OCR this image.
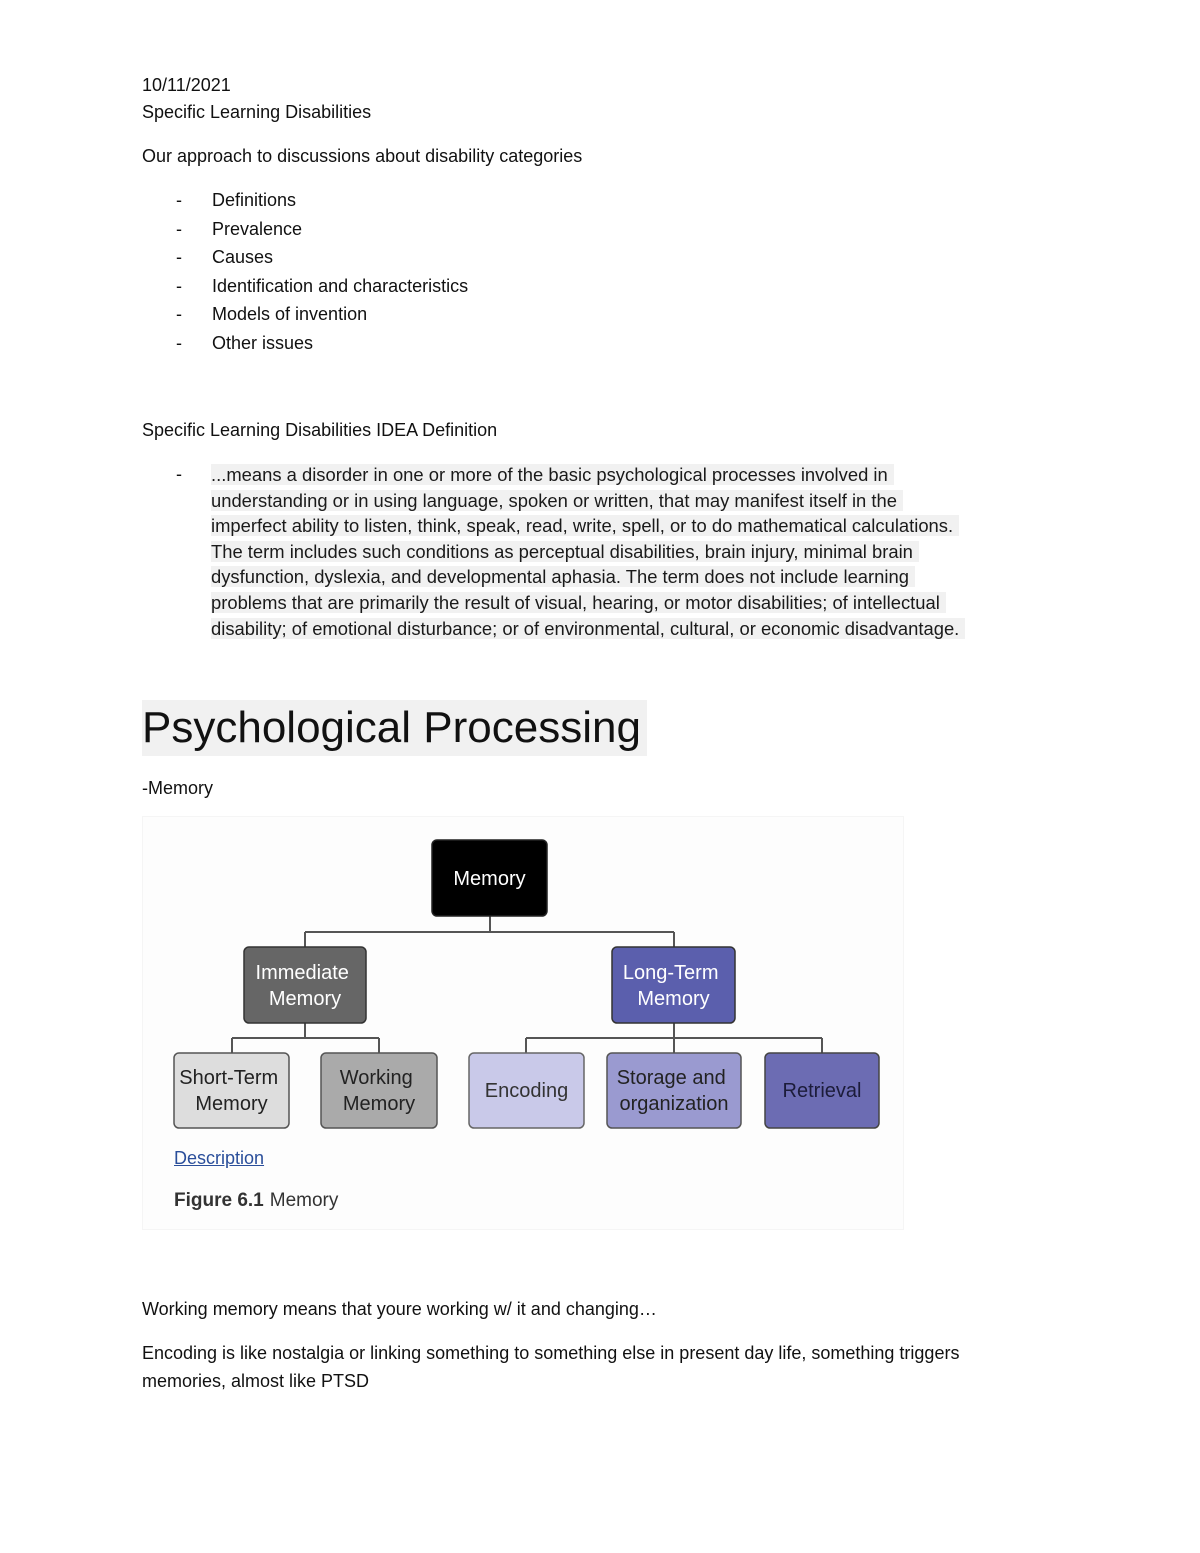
10/11/2021
Specific Learning Disabilities
Our approach to discussions about disability categories
- Definitions
- Prevalence
- Causes
- Identification and characteristics
- Models of invention
- Other issues
Specific Learning Disabilities IDEA Definition
- ...means a disorder in one or more of the basic psychological processes involved in
understanding or in using language, spoken or written, that may manifest itself in the
imperfect ability to listen, think, speak, read, write, spell, or to do mathematical calculations.
The term includes such conditions as perceptual disabilities, brain injury, minimal brain
dysfunction, dyslexia, and developmental aphasia. The term does not include learning
problems that are primarily the result of visual, hearing, or motor disabilities; of intellectual
disability; of emotional disturbance; or of environmental, cultural, or economic disadvantage.
Psychological Processing
-Memory
Memory
Immediate Memory
Long-Term Memory
Short-Term Memory
Working Memory
Encoding
Storage and organization
Retrieval
Description
Figure 6.1 Memory
Working memory means that youre working w/ it and changing…
Encoding is like nostalgia or linking something to something else in present day life, something triggers
memories, almost like PTSD
